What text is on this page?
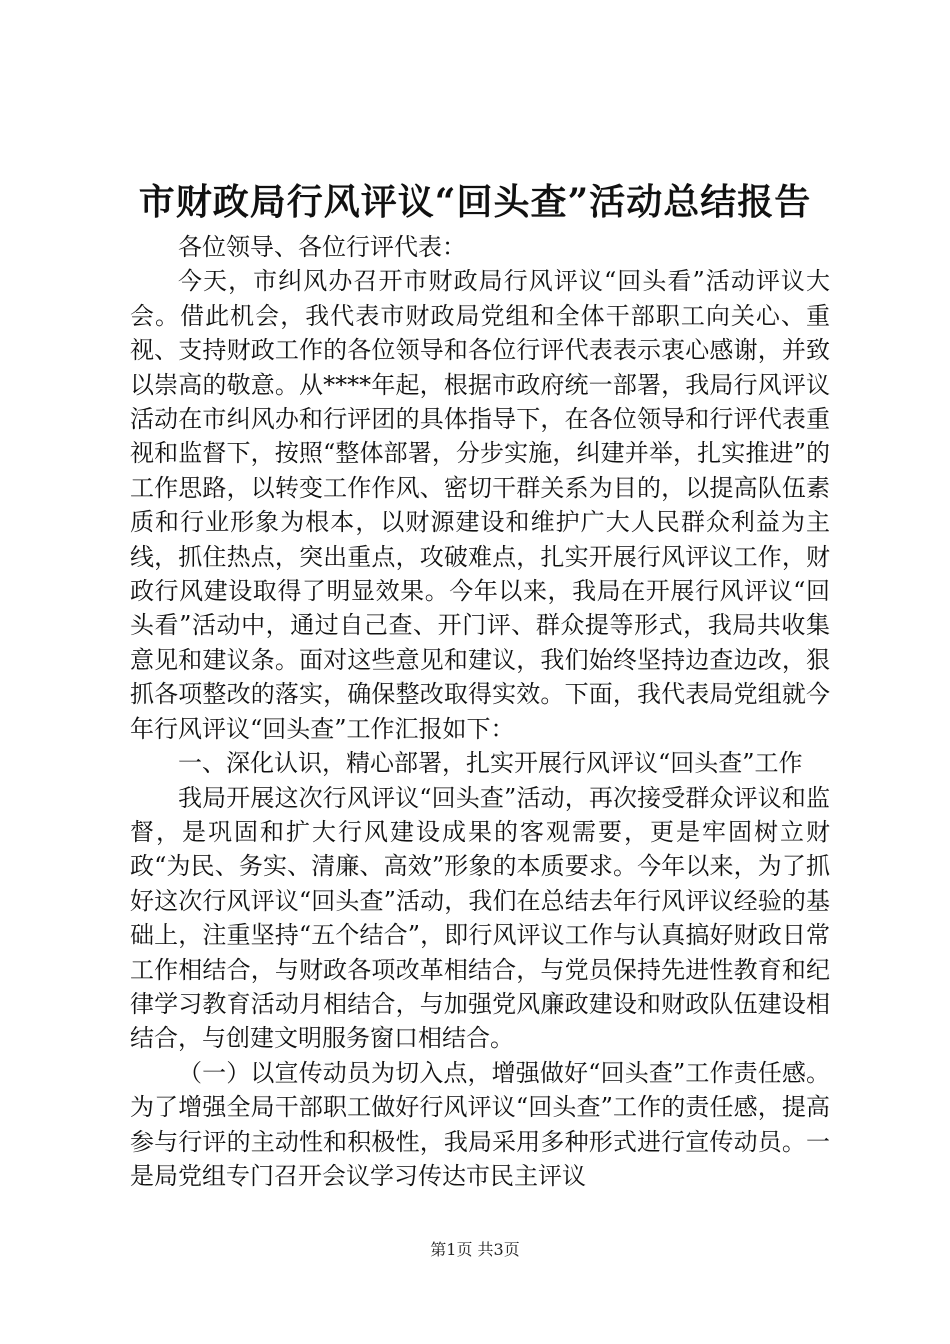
市财政局行风评议“回头查”活动总结报告

各位领导、各位行评代表：

今天，市纠风办召开市财政局行风评议“回头看”活动评议大会。借此机会，我代表市财政局党组和全体干部职工向关心、重视、支持财政工作的各位领导和各位行评代表表示衷心感谢，并致以崇高的敬意。从****年起，根据市政府统一部署，我局行风评议活动在市纠风办和行评团的具体指导下，在各位领导和行评代表重视和监督下，按照“整体部署，分步实施，纠建并举，扎实推进”的工作思路，以转变工作作风、密切干群关系为目的，以提高队伍素质和行业形象为根本，以财源建设和维护广大人民群众利益为主线，抓住热点，突出重点，攻破难点，扎实开展行风评议工作，财政行风建设取得了明显效果。今年以来，我局在开展行风评议“回头看”活动中，通过自己查、开门评、群众提等形式，我局共收集意见和建议条。面对这些意见和建议，我们始终坚持边查边改，狠抓各项整改的落实，确保整改取得实效。下面，我代表局党组就今年行风评议“回头查”工作汇报如下：

一、深化认识，精心部署，扎实开展行风评议“回头查”工作

我局开展这次行风评议“回头查”活动，再次接受群众评议和监督，是巩固和扩大行风建设成果的客观需要，更是牢固树立财政“为民、务实、清廉、高效”形象的本质要求。今年以来，为了抓好这次行风评议“回头查”活动，我们在总结去年行风评议经验的基础上，注重坚持“五个结合”，即行风评议工作与认真搞好财政日常工作相结合，与财政各项改革相结合，与党员保持先进性教育和纪律学习教育活动月相结合，与加强党风廉政建设和财政队伍建设相结合，与创建文明服务窗口相结合。

（一）以宣传动员为切入点，增强做好“回头查”工作责任感。为了增强全局干部职工做好行风评议“回头查”工作的责任感，提高参与行评的主动性和积极性，我局采用多种形式进行宣传动员。一是局党组专门召开会议学习传达市民主评议

第1页 共3页
